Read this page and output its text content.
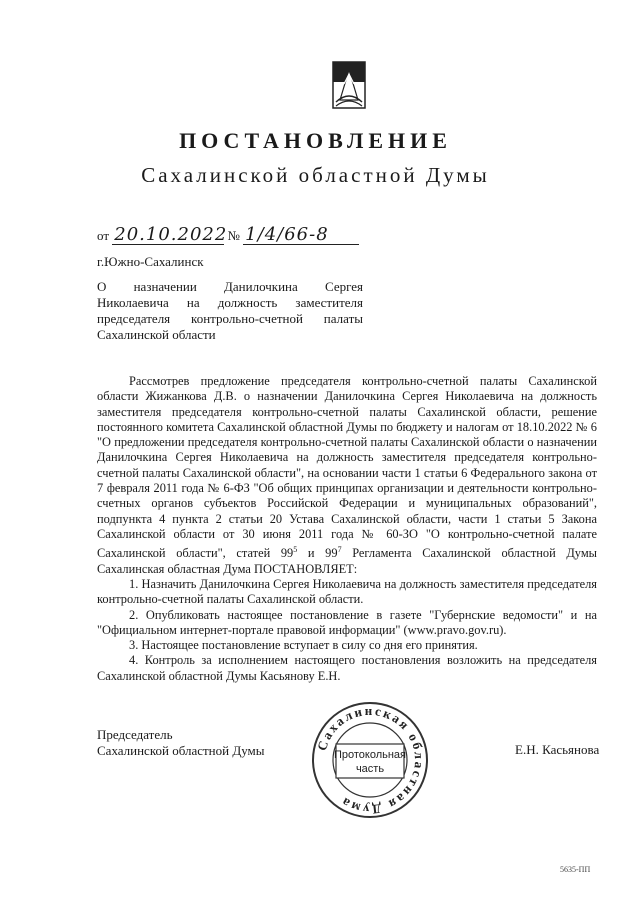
ПОСТАНОВЛЕНИЕ
Сахалинской областной Думы
от 20.10.2022 № 1/4/66-8
г.Южно-Сахалинск
О назначении Данилочкина Сергея Николаевича на должность заместителя председателя контрольно-счетной палаты Сахалинской области

Рассмотрев предложение председателя контрольно-счетной палаты Сахалинской области Жижанкова Д.В. о назначении Данилочкина Сергея Николаевича на должность заместителя председателя контрольно-счетной палаты Сахалинской области, решение постоянного комитета Сахалинской областной Думы по бюджету и налогам от 18.10.2022 № 6 "О предложении председателя контрольно-счетной палаты Сахалинской области о назначении Данилочкина Сергея Николаевича на должность заместителя председателя контрольно-счетной палаты Сахалинской области", на основании части 1 статьи 6 Федерального закона от 7 февраля 2011 года № 6-ФЗ "Об общих принципах организации и деятельности контрольно-счетных органов субъектов Российской Федерации и муниципальных образований", подпункта 4 пункта 2 статьи 20 Устава Сахалинской области, части 1 статьи 5 Закона Сахалинской области от 30 июня 2011 года № 60-ЗО "О контрольно-счетной палате Сахалинской области", статей $99^5$ и $99^7$ Регламента Сахалинской областной Думы Сахалинская областная Дума ПОСТАНОВЛЯЕТ:

1. Назначить Данилочкина Сергея Николаевича на должность заместителя председателя контрольно-счетной палаты Сахалинской области.

2. Опубликовать настоящее постановление в газете "Губернские ведомости" и на "Официальном интернет-портале правовой информации" (www.pravo.gov.ru).

3. Настоящее постановление вступает в силу со дня его принятия.

4. Контроль за исполнением настоящего постановления возложить на председателя Сахалинской областной Думы Касьянову Е.Н.

Председатель
Сахалинской областной Думы	Сахалинская областная Дума
Протокольная
часть
Е.Н. Касьянова
5635-ПП
